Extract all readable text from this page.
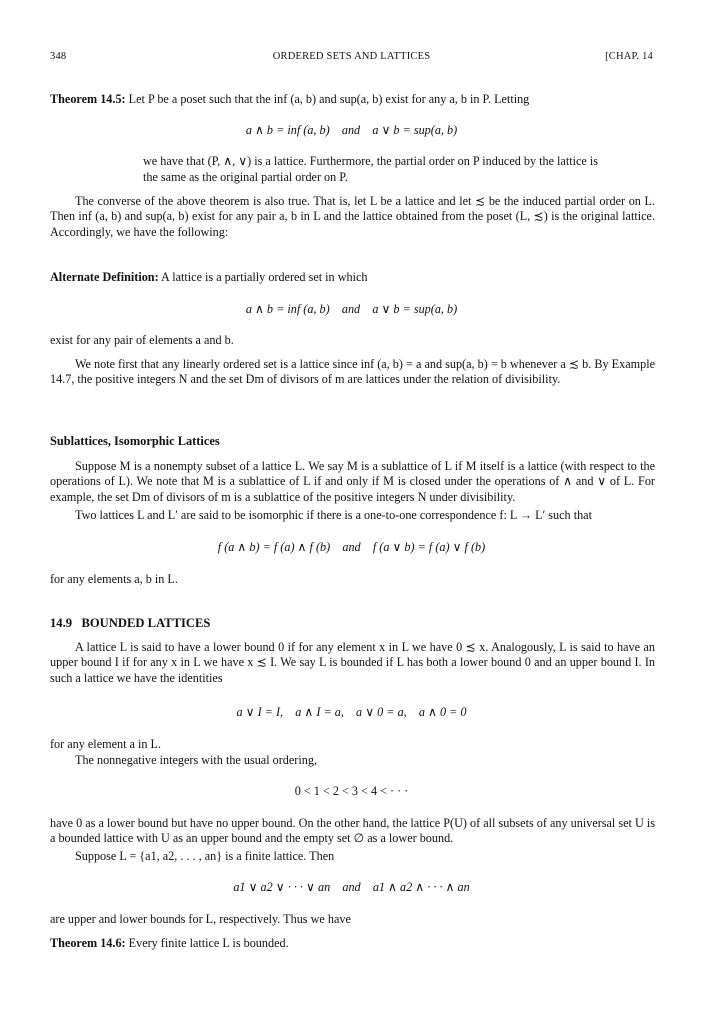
348	ORDERED SETS AND LATTICES	[CHAP. 14
Theorem 14.5: Let P be a poset such that the inf (a, b) and sup(a, b) exist for any a, b in P. Letting
a ∧ b = inf (a, b)    and    a ∨ b = sup(a, b)
we have that (P, ∧, ∨) is a lattice. Furthermore, the partial order on P induced by the lattice is
the same as the original partial order on P.
The converse of the above theorem is also true. That is, let L be a lattice and let ≾ be the induced partial order on L. Then inf (a, b) and sup(a, b) exist for any pair a, b in L and the lattice obtained from the poset (L, ≾) is the original lattice. Accordingly, we have the following:
Alternate Definition: A lattice is a partially ordered set in which
a ∧ b = inf (a, b)    and    a ∨ b = sup(a, b)
exist for any pair of elements a and b.
We note first that any linearly ordered set is a lattice since inf (a, b) = a and sup(a, b) = b whenever a ≾ b. By Example 14.7, the positive integers N and the set Dm of divisors of m are lattices under the relation of divisibility.
Sublattices, Isomorphic Lattices
Suppose M is a nonempty subset of a lattice L. We say M is a sublattice of L if M itself is a lattice (with respect to the operations of L). We note that M is a sublattice of L if and only if M is closed under the operations of ∧ and ∨ of L. For example, the set Dm of divisors of m is a sublattice of the positive integers N under divisibility.
Two lattices L and L′ are said to be isomorphic if there is a one-to-one correspondence f: L → L′ such that
f (a ∧ b) = f (a) ∧ f (b)    and    f (a ∨ b) = f (a) ∨ f (b)
for any elements a, b in L.
14.9   BOUNDED LATTICES
A lattice L is said to have a lower bound 0 if for any element x in L we have 0 ≾ x. Analogously, L is said to have an upper bound I if for any x in L we have x ≾ I. We say L is bounded if L has both a lower bound 0 and an upper bound I. In such a lattice we have the identities
a ∨ I = I,    a ∧ I = a,    a ∨ 0 = a,    a ∧ 0 = 0
for any element a in L.
The nonnegative integers with the usual ordering,
0 < 1 < 2 < 3 < 4 < · · ·
have 0 as a lower bound but have no upper bound. On the other hand, the lattice P(U) of all subsets of any universal set U is a bounded lattice with U as an upper bound and the empty set ∅ as a lower bound.
Suppose L = {a1, a2, . . . , an} is a finite lattice. Then
a1 ∨ a2 ∨ · · · ∨ an    and    a1 ∧ a2 ∧ · · · ∧ an
are upper and lower bounds for L, respectively. Thus we have
Theorem 14.6: Every finite lattice L is bounded.
